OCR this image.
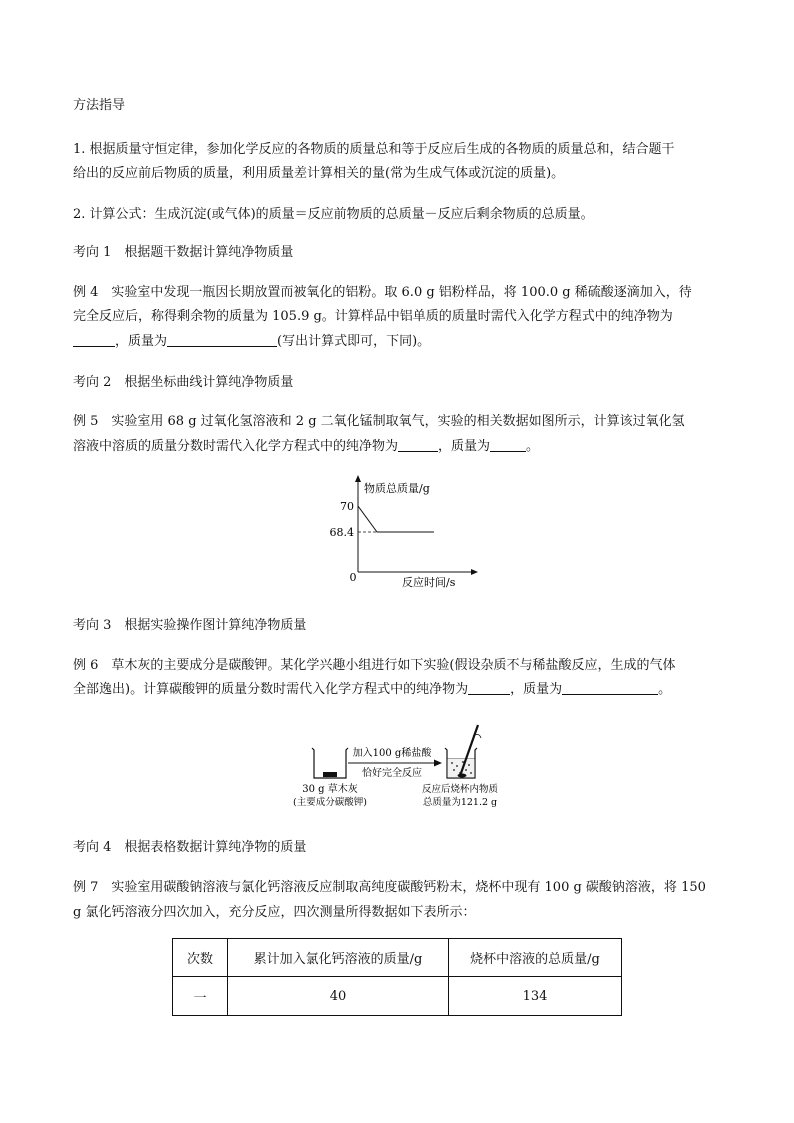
方法指导
1. 根据质量守恒定律，参加化学反应的各物质的质量总和等于反应后生成的各物质的质量总和，结合题干
给出的反应前后物质的质量，利用质量差计算相关的量(常为生成气体或沉淀的质量)。
2. 计算公式：生成沉淀(或气体)的质量＝反应前物质的总质量－反应后剩余物质的总质量。
考向 1　根据题干数据计算纯净物质量
例 4　实验室中发现一瓶因长期放置而被氧化的铝粉。取 6.0 g 铝粉样品，将 100.0 g 稀硫酸逐滴加入，待
完全反应后，称得剩余物的质量为 105.9 g。计算样品中铝单质的质量时需代入化学方程式中的纯净物为
，质量为	(写出计算式即可，下同)。
考向 2　根据坐标曲线计算纯净物质量
例 5　实验室用 68 g 过氧化氢溶液和 2 g 二氧化锰制取氧气，实验的相关数据如图所示，计算该过氧化氢
溶液中溶质的质量分数时需代入化学方程式中的纯净物为	，质量为	。
物质总质量/g
反应时间/s
0
70
68.4
考向 3　根据实验操作图计算纯净物质量
例 6　草木灰的主要成分是碳酸钾。某化学兴趣小组进行如下实验(假设杂质不与稀盐酸反应，生成的气体
全部逸出)。计算碳酸钾的质量分数时需代入化学方程式中的纯净物为	，质量为	。
加入100 g稀盐酸
恰好完全反应
30 g 草木灰
(主要成分碳酸钾)
反应后烧杯内物质
总质量为121.2 g
考向 4　根据表格数据计算纯净物的质量
例 7　实验室用碳酸钠溶液与氯化钙溶液反应制取高纯度碳酸钙粉末，烧杯中现有 100 g 碳酸钠溶液，将 150
g 氯化钙溶液分四次加入，充分反应，四次测量所得数据如下表所示：
次数	累计加入氯化钙溶液的质量/g	烧杯中溶液的总质量/g
一	40	134
